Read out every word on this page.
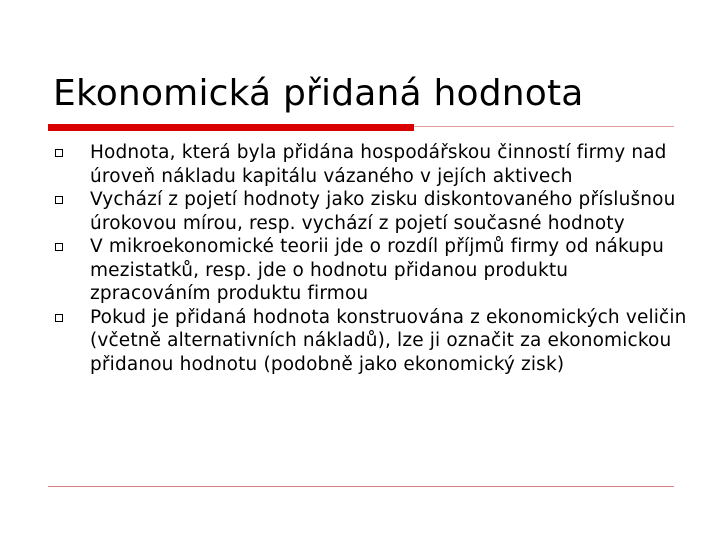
Ekonomická přidaná hodnota
Hodnota, která byla přidána hospodářskou činností firmy nad úroveň nákladu kapitálu vázaného v jejích aktivech
Vychází z pojetí hodnoty jako zisku diskontovaného příslušnou úrokovou mírou, resp. vychází z pojetí současné hodnoty
V mikroekonomické teorii jde o rozdíl příjmů firmy od nákupu mezistatků, resp. jde o hodnotu přidanou produktu zpracováním produktu firmou
Pokud je přidaná hodnota konstruována z ekonomických veličin (včetně alternativních nákladů), lze ji označit za ekonomickou přidanou hodnotu (podobně jako ekonomický zisk)
